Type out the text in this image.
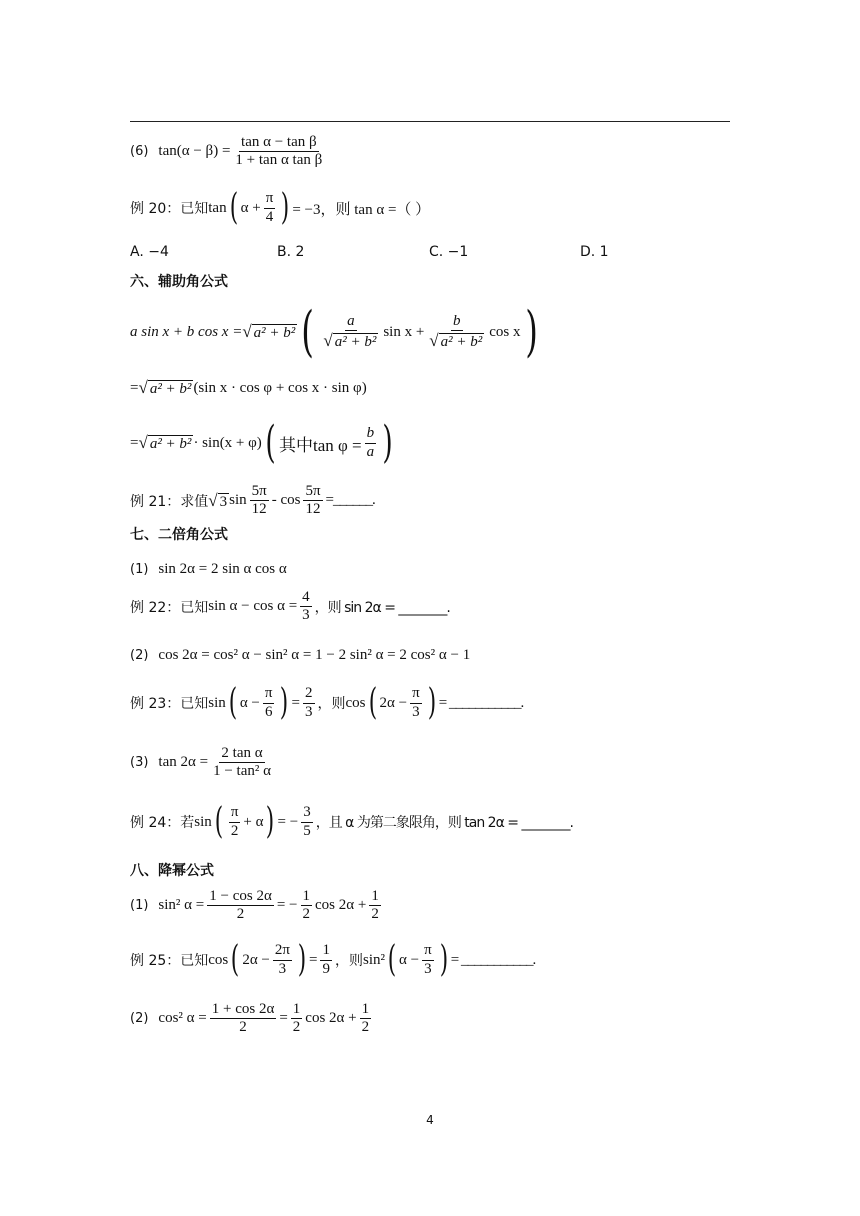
(6) $\tan(\alpha - \beta) = \frac{\text{tan α − tan β}}{\text{1 + tan α tan β}}$
例 20：已知 tan ( $\alpha + \frac{\pi}{4}$ ) = −3，则 tan α =（ ）
A. −4	B. 2	C. −1	D. 1
六、辅助角公式
a sin x + b cos x = √ a² + b² ( $\frac{a}{\text{√ a² + b²}}$ $\sin x + \frac{b}{\text{√ a² + b²}}$ cos x )
= √ a² + b² (sin x · cos φ + cos x · sin φ)
= √ a² + b² · sin(x + φ) ( 其中$\tan \varphi = \frac{b}{a}$ )
例 21：求值 √ 3 $\sin \frac{5\pi}{12}$ - $\cos \frac{5\pi}{12}$ =______.
七、二倍角公式
(1) sin 2α = 2 sin α cos α
例 22：已知 $\sin \alpha - \cos \alpha = \frac{4}{3}$ ，则 sin 2α = ________.
(2) cos 2α = cos² α − sin² α = 1 − 2 sin² α = 2 cos² α − 1
例 23：已知 sin ( $\alpha - \frac{\pi}{6}$ ) = $\frac{2}{3}$ ，则 cos ( $2\alpha - \frac{\pi}{3}$ ) = ___________.
(3) $\tan 2\alpha = \frac{\text{2 tan α}}{\text{1 − tan² α}}$
例 24：若 sin ( $\frac{\pi}{2} + \alpha$ ) = − $\frac{3}{5}$ ，且 α 为第二象限角，则 tan 2α = ________.
八、降幂公式
(1) sin² $\alpha = \frac{1 - \cos 2\alpha}{2}$ = − $\frac{1}{2}$ $\cos 2\alpha + \frac{1}{2}$
例 25：已知 cos ( $2\alpha - \frac{2\pi}{3}$ ) = $\frac{1}{9}$ ，则 sin² ( $\alpha - \frac{\pi}{3}$ ) = ___________.
(2) cos² $\alpha = \frac{1 + \cos 2\alpha}{2} = \frac{1}{2}$ $\cos 2\alpha + \frac{1}{2}$
4
